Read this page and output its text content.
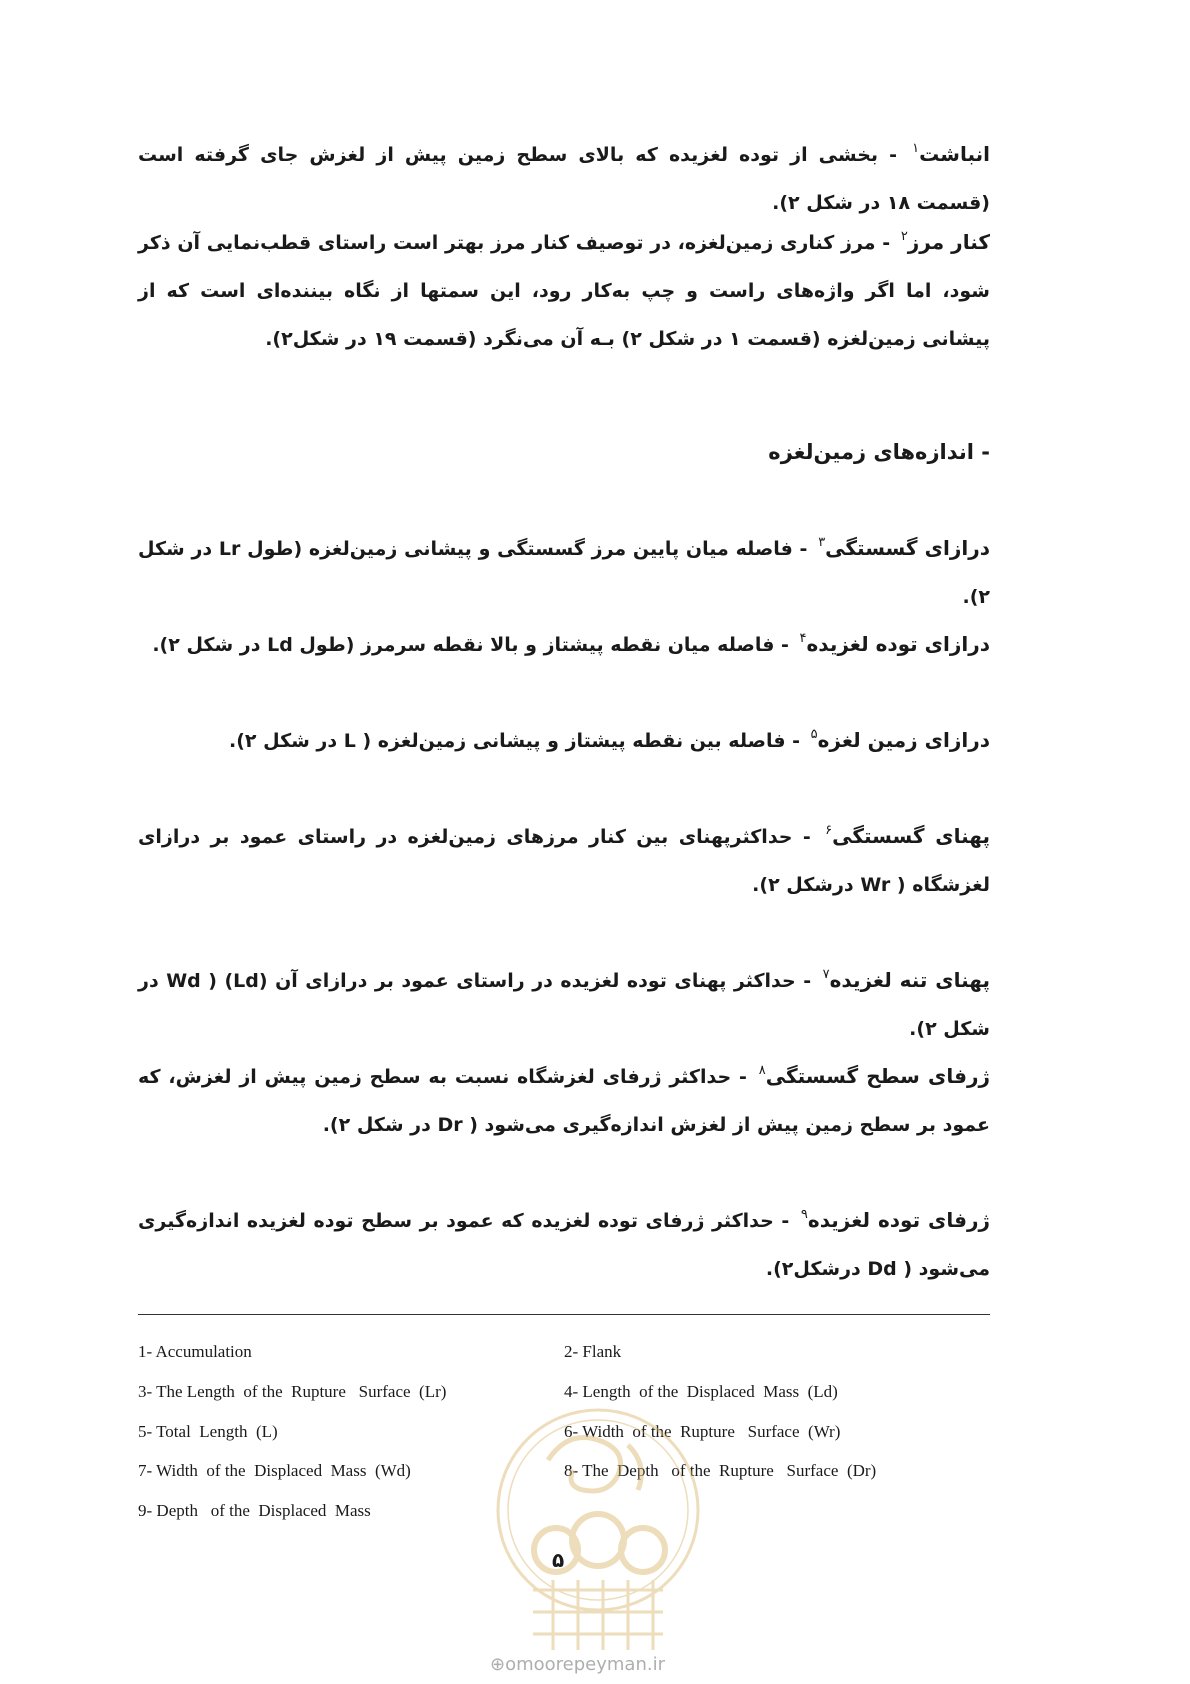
انباشت$^۱$ - بخشی از توده لغزیده که بالای سطح زمین پیش از لغزش جای گرفته است (قسمت ۱۸ در شکل ۲).
کنار مرز$^۲$ - مرز کناری زمین‌لغزه، در توصیف کنار مرز بهتر است راستای قطب‌نمایی آن ذکر شود، اما اگر واژه‌های راست و چپ به‌کار رود، این سمتها از نگاه بیننده‌ای است که از پیشانی زمین‌لغزه (قسمت ۱ در شکل ۲) بـه آن می‌نگرد (قسمت ۱۹ در شکل۲).
- اندازه‌های زمین‌لغزه
درازای گسستگی$^۳$ - فاصله میان پایین مرز گسستگی و پیشانی زمین‌لغزه (طول Lr در شکل ۲).
درازای توده لغزیده$^۴$ - فاصله میان نقطه پیشتاز و بالا نقطه سرمرز (طول Ld در شکل ۲).
درازای زمین لغزه$^۵$ - فاصله بین نقطه پیشتاز و پیشانی زمین‌لغزه ( L در شکل ۲).
پهنای گسستگی$^۶$ - حداکثرپهنای بین کنار مرزهای زمین‌لغزه در راستای عمود بر درازای لغزشگاه ( Wr درشکل ۲).
پهنای تنه لغزیده$^۷$ - حداکثر پهنای توده لغزیده در راستای عمود بر درازای آن (Ld) ( Wd در شکل ۲).
ژرفای سطح گسستگی$^۸$ - حداکثر ژرفای لغزشگاه نسبت به سطح زمین پیش از لغزش، که عمود بر سطح زمین پیش از لغزش اندازه‌گیری می‌شود ( Dr در شکل ۲).
ژرفای توده لغزیده$^۹$ - حداکثر ژرفای توده لغزیده که عمود بر سطح توده لغزیده اندازه‌گیری می‌شود ( Dd درشکل۲).
1- Accumulation	2- Flank
3- The Length  of the  Rupture   Surface  (Lr)	4- Length  of the  Displaced  Mass  (Ld)
5- Total  Length  (L)	6- Width  of the  Rupture   Surface  (Wr)
7- Width  of the  Displaced  Mass  (Wd)	8- The  Depth   of the  Rupture   Surface  (Dr)
9- Depth   of the  Displaced  Mass
۵
⊕omoorepeyman.ir
